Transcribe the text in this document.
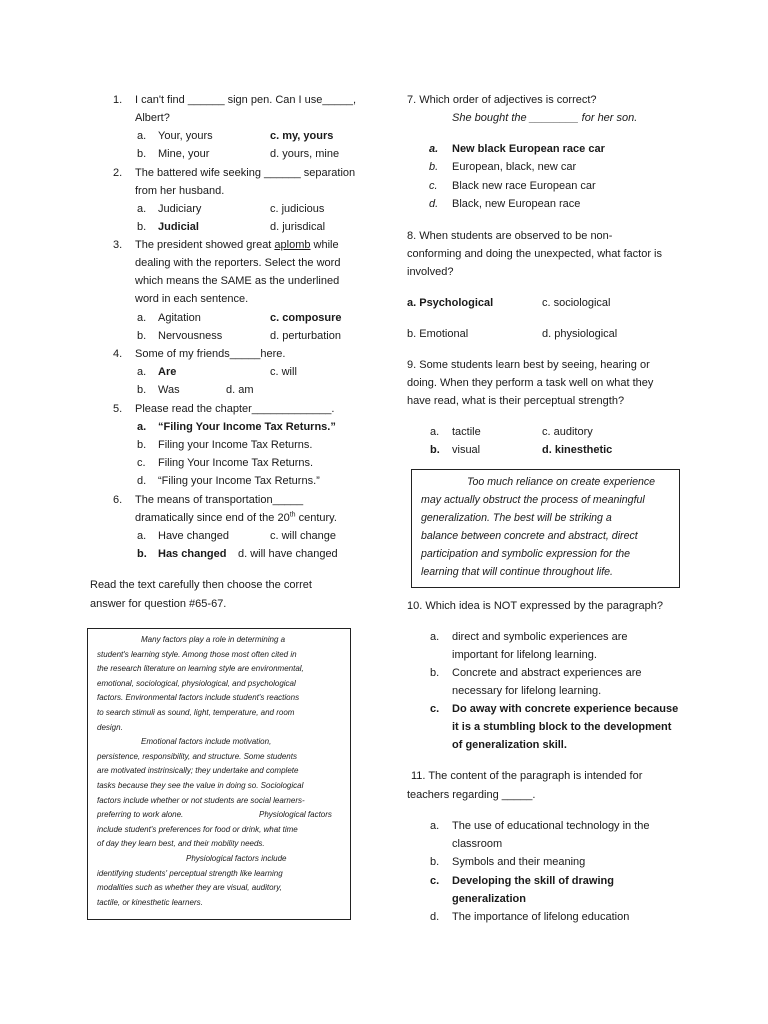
1. I can't find ______ sign pen. Can I use_____,
Albert?
a. Your, yours	c. my, yours
b. Mine, your	d. yours, mine
2. The battered wife seeking ______ separation
from her husband.
a. Judiciary	c. judicious
b. Judicial	d. jurisdical
3. The president showed great aplomb while
dealing with the reporters. Select the word
which means the SAME as the underlined
word in each sentence.
a. Agitation	c. composure
b. Nervousness	d. perturbation
4. Some of my friends_____here.
a. Are	c. will
b. Was	d. am
5. Please read the chapter_____________.
a. “Filing Your Income Tax Returns.”
b. Filing your Income Tax Returns.
c. Filing Your Income Tax Returns.
d. “Filing your Income Tax Returns.”
6. The means of transportation_____
dramatically since end of the 20th century.
a. Have changed	c. will change
b. Has changed d. will have changed
Read the text carefully then choose the corret
answer for question #65-67.
Many factors play a role in determining a
student's learning style. Among those most often cited in
the research literature on learning style are environmental,
emotional, sociological, physiological, and psychological
factors. Environmental factors include student's reactions
to search stimuli as sound, light, temperature, and room
design.
Emotional factors include motivation,
persistence, responsibility, and structure. Some students
are motivated instrinsically; they undertake and complete
tasks because they see the value in doing so. Sociological
factors include whether or not students are social learners-
preferring to work alone.	Physiological factors
include student's preferences for food or drink, what time
of day they learn best, and their mobility needs.
Physiological factors include
identifying students' perceptual strength like learning
modalities such as whether they are visual, auditory,
tactile, or kinesthetic learners.
7. Which order of adjectives is correct?
She bought the ________ for her son.
a. New black European race car
b. European, black, new car
c. Black new race European car
d. Black, new European race
8. When students are observed to be non-
conforming and doing the unexpected, what factor is
involved?
a. Psychological	c. sociological
b. Emotional	d. physiological
9. Some students learn best by seeing, hearing or
doing. When they perform a task well on what they
have read, what is their perceptual strength?
a. tactile	c. auditory
b. visual	d. kinesthetic
Too much reliance on create experience
may actually obstruct the process of meaningful
generalization. The best will be striking a
balance between concrete and abstract, direct
participation and symbolic expression for the
learning that will continue throughout life.
10. Which idea is NOT expressed by the paragraph?
a. direct and symbolic experiences are
important for lifelong learning.
b. Concrete and abstract experiences are
necessary for lifelong learning.
c. Do away with concrete experience because
it is a stumbling block to the development
of generalization skill.
11. The content of the paragraph is intended for
teachers regarding _____.
a. The use of educational technology in the
classroom
b. Symbols and their meaning
c. Developing the skill of drawing
generalization
d. The importance of lifelong education
